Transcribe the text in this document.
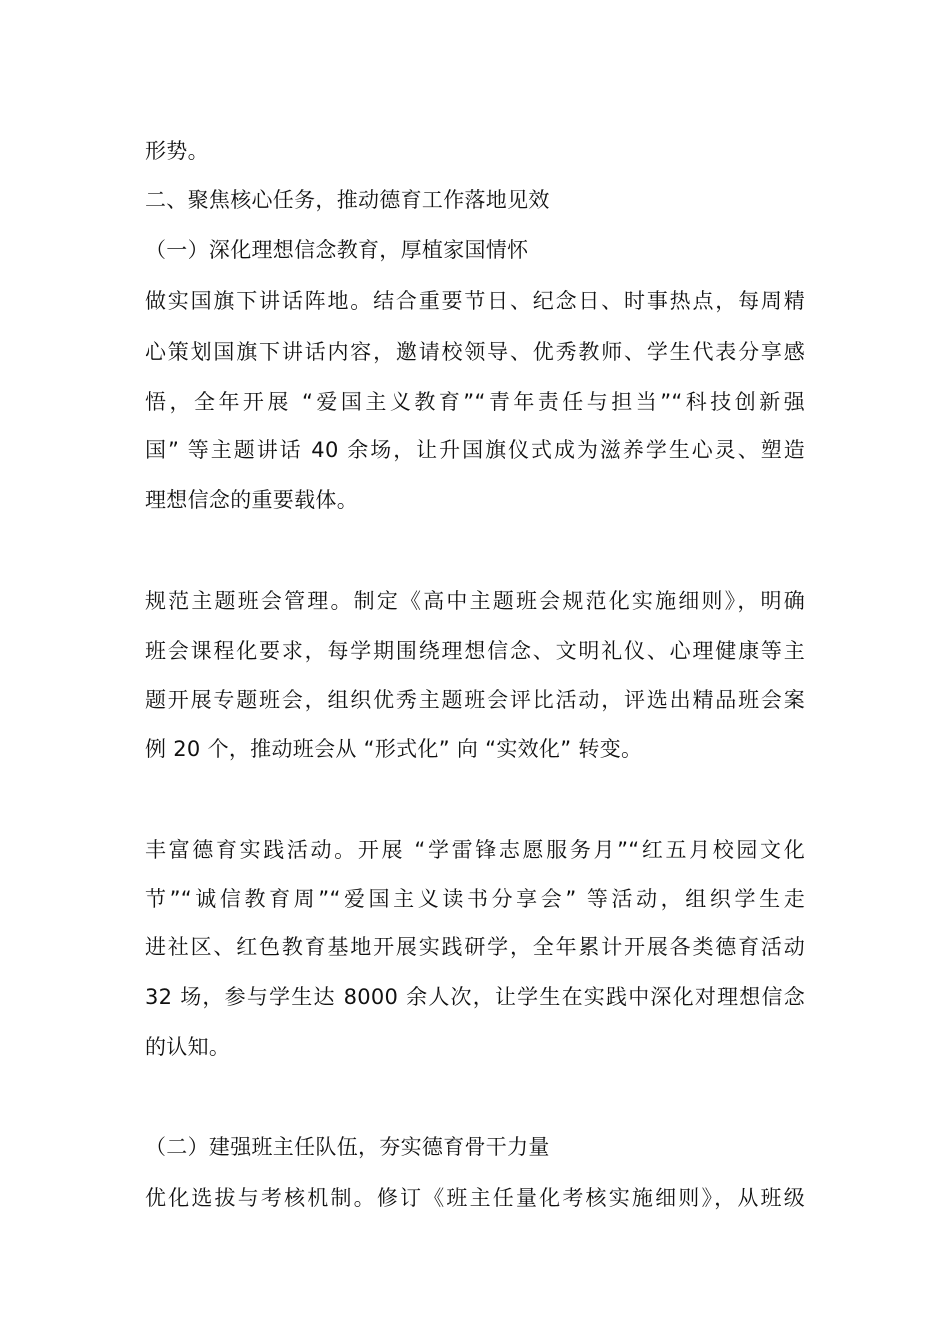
形势。
二、聚焦核心任务，推动德育工作落地见效
（一）深化理想信念教育，厚植家国情怀
做实国旗下讲话阵地。结合重要节日、纪念日、时事热点，每周精
心策划国旗下讲话内容，邀请校领导、优秀教师、学生代表分享感
悟，全年开展 “爱国主义教育”“青年责任与担当”“科技创新强
国” 等主题讲话 40 余场，让升国旗仪式成为滋养学生心灵、塑造
理想信念的重要载体。
规范主题班会管理。制定《高中主题班会规范化实施细则》，明确
班会课程化要求，每学期围绕理想信念、文明礼仪、心理健康等主
题开展专题班会，组织优秀主题班会评比活动，评选出精品班会案
例 20 个，推动班会从 “形式化” 向 “实效化” 转变。
丰富德育实践活动。开展 “学雷锋志愿服务月”“红五月校园文化
节”“诚信教育周”“爱国主义读书分享会” 等活动，组织学生走
进社区、红色教育基地开展实践研学，全年累计开展各类德育活动
32 场，参与学生达 8000 余人次，让学生在实践中深化对理想信念
的认知。
（二）建强班主任队伍，夯实德育骨干力量
优化选拔与考核机制。修订《班主任量化考核实施细则》，从班级
